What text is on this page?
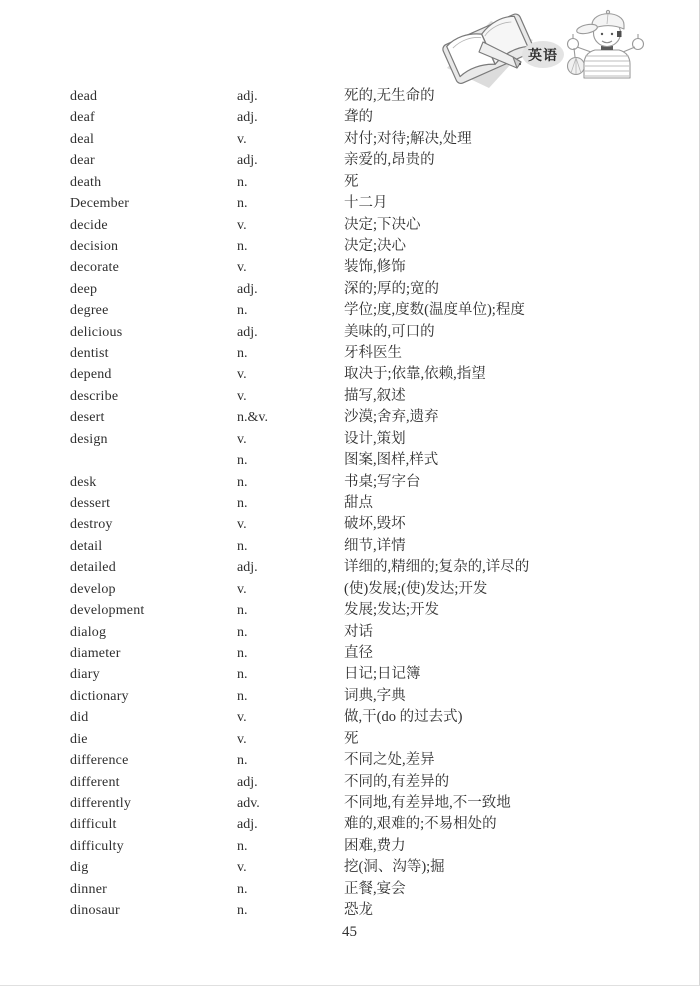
英语
dead	adj.	死的,无生命的
deaf	adj.	聋的
deal	v.	对付;对待;解决,处理
dear	adj.	亲爱的,昂贵的
death	n.	死
December	n.	十二月
decide	v.	决定;下决心
decision	n.	决定;决心
decorate	v.	装饰,修饰
deep	adj.	深的;厚的;宽的
degree	n.	学位;度,度数(温度单位);程度
delicious	adj.	美味的,可口的
dentist	n.	牙科医生
depend	v.	取决于;依靠,依赖,指望
describe	v.	描写,叙述
desert	n.&v.	沙漠;舍弃,遗弃
design	v.	设计,策划
n.	图案,图样,样式
desk	n.	书桌;写字台
dessert	n.	甜点
destroy	v.	破坏,毁坏
detail	n.	细节,详情
detailed	adj.	详细的,精细的;复杂的,详尽的
develop	v.	(使)发展;(使)发达;开发
development	n.	发展;发达;开发
dialog	n.	对话
diameter	n.	直径
diary	n.	日记;日记簿
dictionary	n.	词典,字典
did	v.	做,干(do 的过去式)
die	v.	死
difference	n.	不同之处,差异
different	adj.	不同的,有差异的
differently	adv.	不同地,有差异地,不一致地
difficult	adj.	难的,艰难的;不易相处的
difficulty	n.	困难,费力
dig	v.	挖(洞、沟等);掘
dinner	n.	正餐,宴会
dinosaur	n.	恐龙
45
